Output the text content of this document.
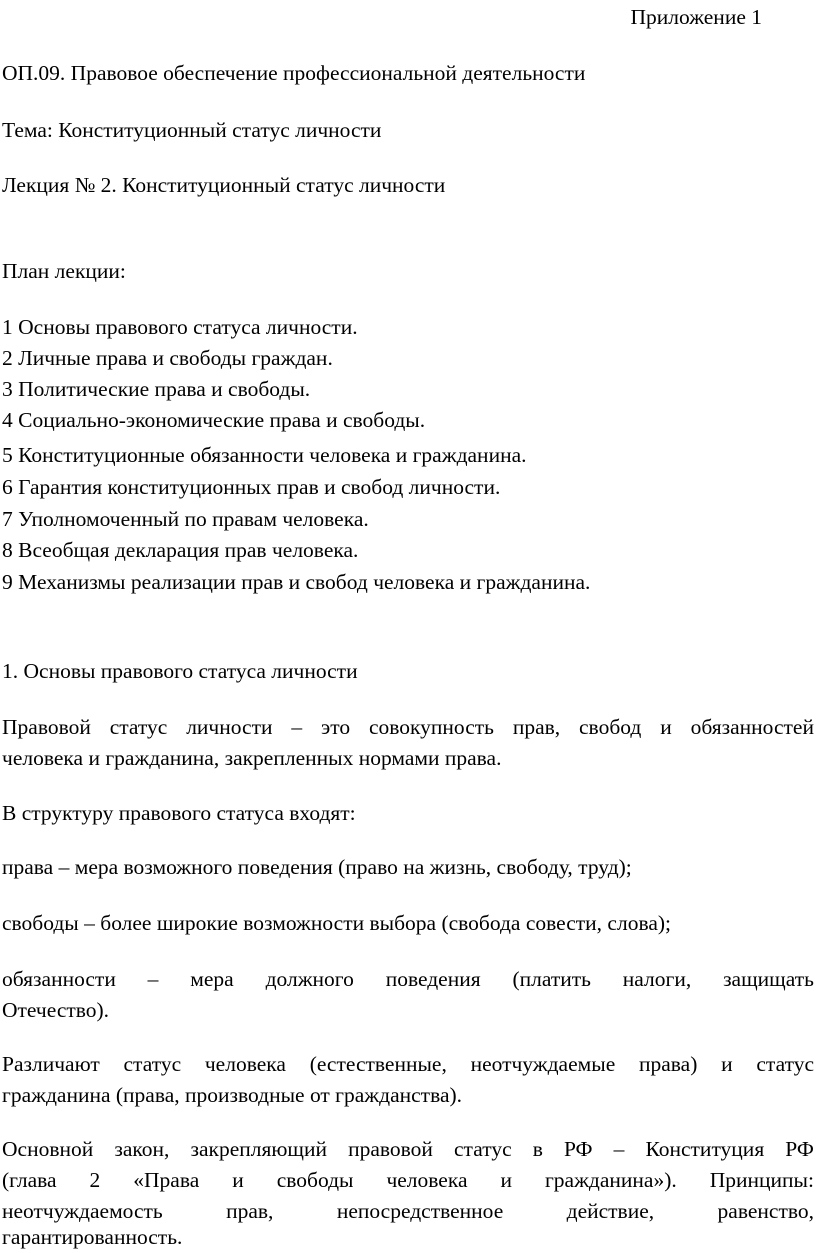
Приложение 1
ОП.09. Правовое обеспечение профессиональной деятельности
Тема: Конституционный статус личности
Лекция № 2. Конституционный статус личности
План лекции:
1 Основы правового статуса личности.
2 Личные права и свободы граждан.
3 Политические права и свободы.
4 Социально-экономические права и свободы.
5 Конституционные обязанности человека и гражданина.
6 Гарантия конституционных прав и свобод личности.
7 Уполномоченный по правам человека.
8 Всеобщая декларация прав человека.
9 Механизмы реализации прав и свобод человека и гражданина.
1. Основы правового статуса личности
Правовой статус личности – это совокупность прав, свобод и обязанностей
человека и гражданина, закрепленных нормами права.
В структуру правового статуса входят:
права – мера возможного поведения (право на жизнь, свободу, труд);
свободы – более широкие возможности выбора (свобода совести, слова);
обязанности – мера должного поведения (платить налоги, защищать
Отечество).
Различают статус человека (естественные, неотчуждаемые права) и статус
гражданина (права, производные от гражданства).
Основной закон, закрепляющий правовой статус в РФ – Конституция РФ
(глава 2 «Права и свободы человека и гражданина»). Принципы:
неотчуждаемость	прав,	непосредственное	действие,	равенство,
гарантированность.
